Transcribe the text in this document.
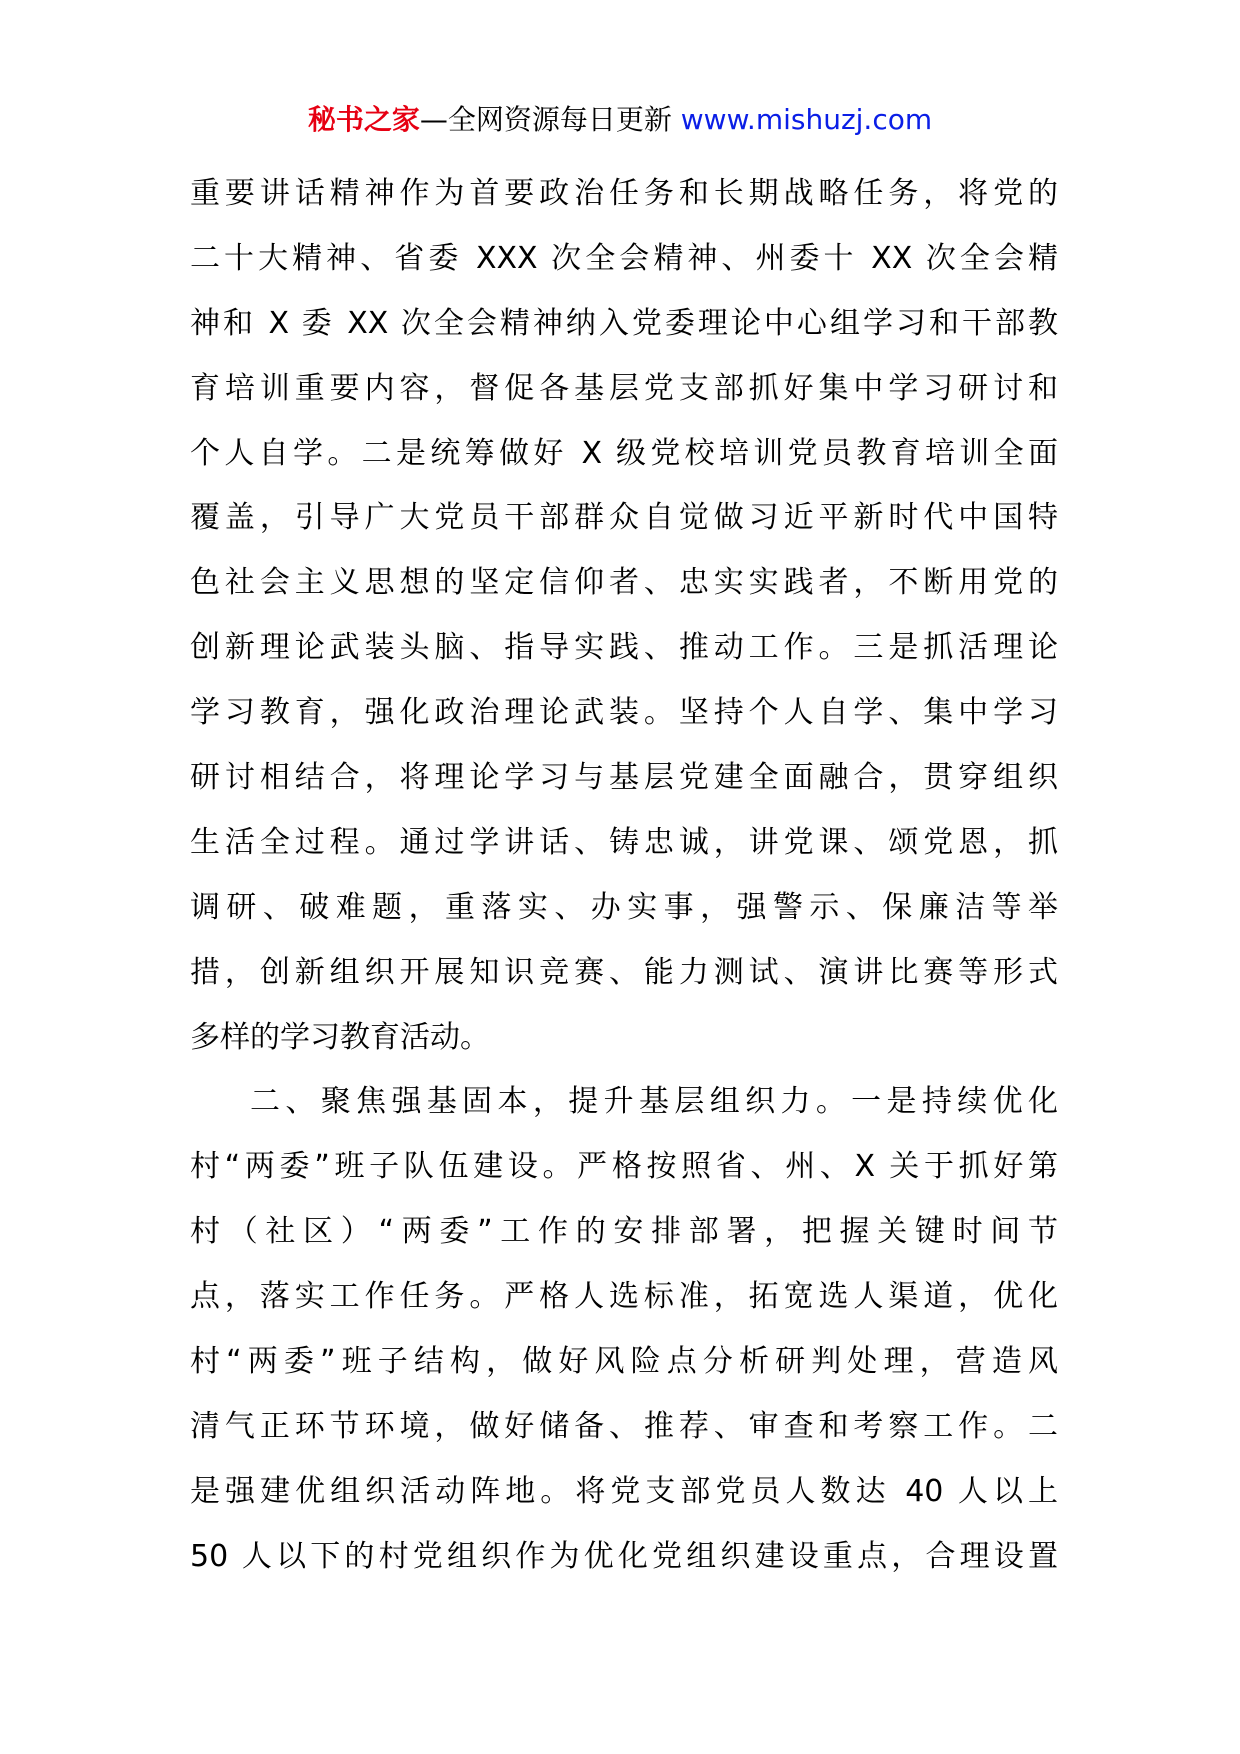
秘书之家—全网资源每日更新 www.mishuzj.com
重要讲话精神作为首要政治任务和长期战略任务，将党的
二十大精神、省委 XXX 次全会精神、州委十 XX 次全会精
神和 X 委 XX 次全会精神纳入党委理论中心组学习和干部教
育培训重要内容，督促各基层党支部抓好集中学习研讨和
个人自学。二是统筹做好 X 级党校培训党员教育培训全面
覆盖，引导广大党员干部群众自觉做习近平新时代中国特
色社会主义思想的坚定信仰者、忠实实践者，不断用党的
创新理论武装头脑、指导实践、推动工作。三是抓活理论
学习教育，强化政治理论武装。坚持个人自学、集中学习
研讨相结合，将理论学习与基层党建全面融合，贯穿组织
生活全过程。通过学讲话、铸忠诚，讲党课、颂党恩，抓
调研、破难题，重落实、办实事，强警示、保廉洁等举
措，创新组织开展知识竞赛、能力测试、演讲比赛等形式
多样的学习教育活动。
二、聚焦强基固本，提升基层组织力。一是持续优化
村“两委”班子队伍建设。严格按照省、州、X 关于抓好第
村（社区）“两委”工作的安排部署，把握关键时间节
点，落实工作任务。严格人选标准，拓宽选人渠道，优化
村“两委”班子结构，做好风险点分析研判处理，营造风
清气正环节环境，做好储备、推荐、审查和考察工作。二
是强建优组织活动阵地。将党支部党员人数达 40 人以上
50 人以下的村党组织作为优化党组织建设重点，合理设置
